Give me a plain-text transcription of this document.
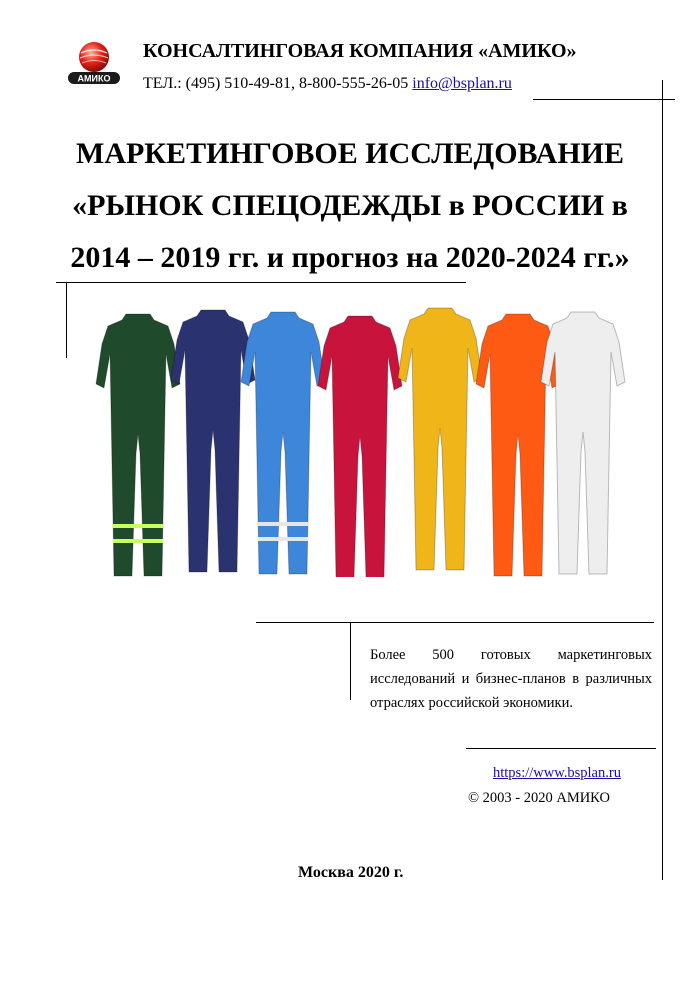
АМИКО
КОНСАЛТИНГОВАЯ КОМПАНИЯ «АМИКО»
ТЕЛ.: (495) 510-49-81, 8-800-555-26-05 info@bsplan.ru
МАРКЕТИНГОВОЕ ИССЛЕДОВАНИЕ
«РЫНОК СПЕЦОДЕЖДЫ в РОССИИ в
2014 – 2019 гг. и прогноз на 2020-2024 гг.»
Более 500 готовых маркетинговых исследований и бизнес-планов в различных отраслях российской экономики.
https://www.bsplan.ru
© 2003 - 2020 АМИКО
Москва 2020 г.
